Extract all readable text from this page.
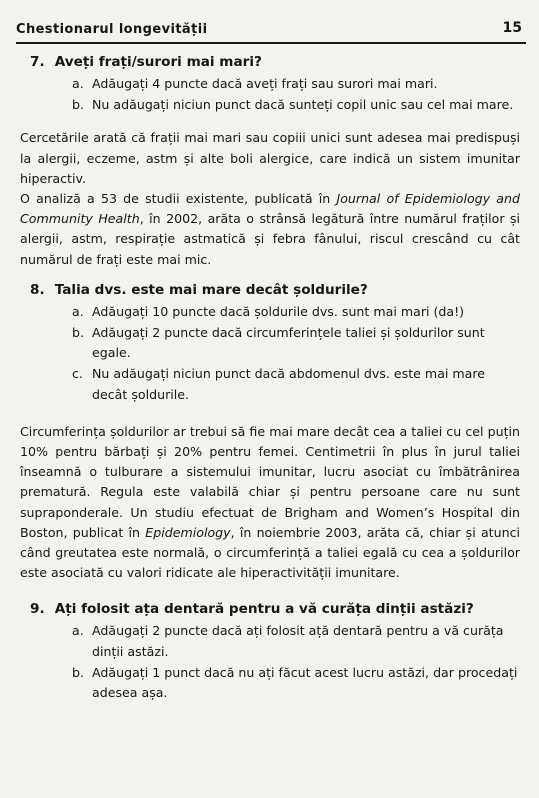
Chestionarul longevității	15
7. Aveți frați/surori mai mari?
a. Adăugați 4 puncte dacă aveți frați sau surori mai mari.
b. Nu adăugați niciun punct dacă sunteți copil unic sau cel mai mare.

Cercetările arată că frații mai mari sau copiii unici sunt adesea mai predispuși la alergii, eczeme, astm și alte boli alergice, care indică un sistem imunitar hiperactiv.

O analiză a 53 de studii existente, publicată în Journal of Epidemiology and Community Health, în 2002, arăta o strânsă legătură între numărul fraților și alergii, astm, respirație astmatică și febra fânului, riscul crescând cu cât numărul de frați este mai mic.

8. Talia dvs. este mai mare decât șoldurile?
a. Adăugați 10 puncte dacă șoldurile dvs. sunt mai mari (da!)
b. Adăugați 2 puncte dacă circumferințele taliei și șoldurilor sunt egale.
c. Nu adăugați niciun punct dacă abdomenul dvs. este mai mare decât șoldurile.

Circumferința șoldurilor ar trebui să fie mai mare decât cea a taliei cu cel puțin 10% pentru bărbați și 20% pentru femei. Centimetrii în plus în jurul taliei înseamnă o tulburare a sistemului imunitar, lucru asociat cu îmbătrânirea prematură. Regula este valabilă chiar și pentru persoane care nu sunt supraponderale. Un studiu efectuat de Brigham and Women’s Hospital din Boston, publicat în Epidemiology, în noiembrie 2003, arăta că, chiar și atunci când greutatea este normală, o circumferință a taliei egală cu cea a șoldurilor este asociată cu valori ridicate ale hiperactivității imunitare.

9. Ați folosit ața dentară pentru a vă curăța dinții astăzi?
a. Adăugați 2 puncte dacă ați folosit ață dentară pentru a vă curăța dinții astăzi.
b. Adăugați 1 punct dacă nu ați făcut acest lucru astăzi, dar procedați adesea așa.
